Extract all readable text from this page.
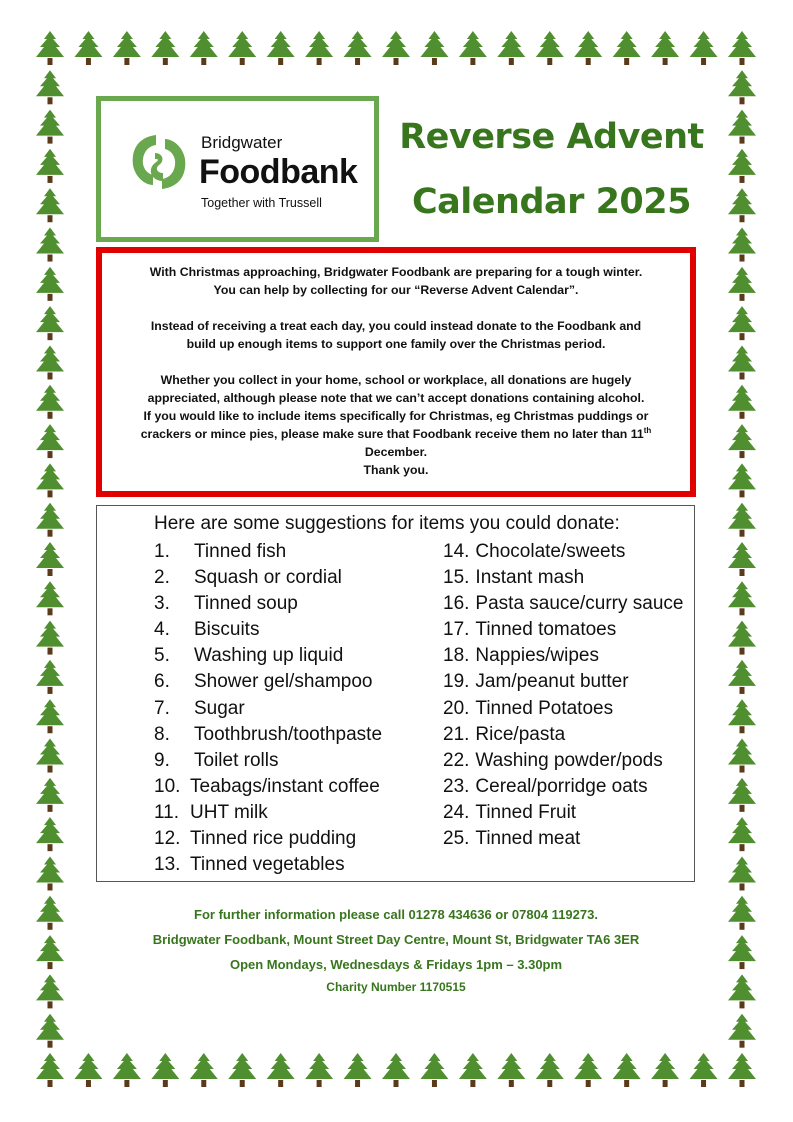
Bridgwater
Foodbank
Together with Trussell
Reverse Advent
Calendar 2025

With Christmas approaching, Bridgwater Foodbank are preparing for a tough winter.

You can help by collecting for our “Reverse Advent Calendar”.

Instead of receiving a treat each day, you could instead donate to the Foodbank and

build up enough items to support one family over the Christmas period.

Whether you collect in your home, school or workplace, all donations are hugely

appreciated, although please note that we can’t accept donations containing alcohol.

If you would like to include items specifically for Christmas, eg Christmas puddings or

crackers or mince pies, please make sure that Foodbank receive them no later than 11th

December.

Thank you.

Here are some suggestions for items you could donate:
1. Tinned fish
2. Squash or cordial
3. Tinned soup
4. Biscuits
5. Washing up liquid
6. Shower gel/shampoo
7. Sugar
8. Toothbrush/toothpaste
9. Toilet rolls
10. Teabags/instant coffee
11. UHT milk
12. Tinned rice pudding
13. Tinned vegetables
14. Chocolate/sweets
15. Instant mash
16. Pasta sauce/curry sauce
17. Tinned tomatoes
18. Nappies/wipes
19. Jam/peanut butter
20. Tinned Potatoes
21. Rice/pasta
22. Washing powder/pods
23. Cereal/porridge oats
24. Tinned Fruit
25. Tinned meat
For further information please call 01278 434636 or 07804 119273.
Bridgwater Foodbank, Mount Street Day Centre, Mount St, Bridgwater TA6 3ER
Open Mondays, Wednesdays & Fridays 1pm – 3.30pm
Charity Number 1170515
